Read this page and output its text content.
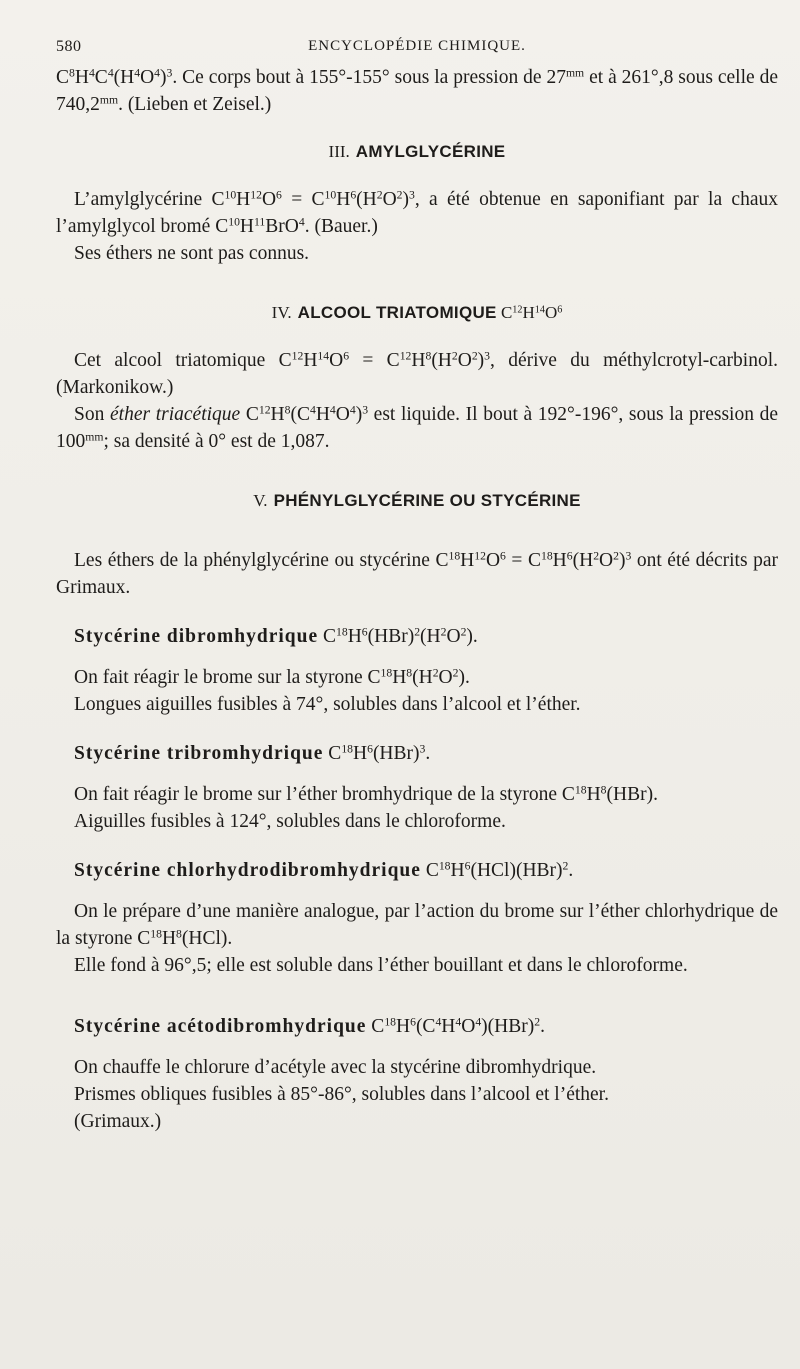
580	ENCYCLOPÉDIE CHIMIQUE.

$C^8H^4C^4(H^4O^4)^3$. Ce corps bout à 155°-155° sous la pression de $27^{mm}$ et à 261°,8 sous celle de $740,2^{mm}$. (Lieben et Zeisel.)

III. AMYLGLYCÉRINE

L’amylglycérine $C^{10}H^{12}O^6 = C^{10}H^6(H^2O^2)^3$, a été obtenue en saponifiant par la chaux l’amylglycol bromé $C^{10}H^{11}BrO^4$. (Bauer.)

Ses éthers ne sont pas connus.

IV. ALCOOL TRIATOMIQUE $C^{12}H^{14}O^6$

Cet alcool triatomique $C^{12}H^{14}O^6 = C^{12}H^8(H^2O^2)^3$, dérive du méthylcrotyl-carbinol. (Markonikow.)

Son éther triacétique $C^{12}H^8(C^4H^4O^4)^3$ est liquide. Il bout à 192°-196°, sous la pression de $100^{mm}$; sa densité à 0° est de 1,087.

V. PHÉNYLGLYCÉRINE OU STYCÉRINE

Les éthers de la phénylglycérine ou stycérine $C^{18}H^{12}O^6 = C^{18}H^6(H^2O^2)^3$ ont été décrits par Grimaux.

Stycérine dibromhydrique $C^{18}H^6(HBr)^2(H^2O^2)$.

On fait réagir le brome sur la styrone $C^{18}H^8(H^2O^2)$.

Longues aiguilles fusibles à 74°, solubles dans l’alcool et l’éther.

Stycérine tribromhydrique $C^{18}H^6(HBr)^3$.

On fait réagir le brome sur l’éther bromhydrique de la styrone $C^{18}H^8(HBr)$.

Aiguilles fusibles à 124°, solubles dans le chloroforme.

Stycérine chlorhydrodibromhydrique $C^{18}H^6(HCl)(HBr)^2$.

On le prépare d’une manière analogue, par l’action du brome sur l’éther chlorhydrique de la styrone $C^{18}H^8(HCl)$.

Elle fond à 96°,5; elle est soluble dans l’éther bouillant et dans le chloroforme.

Stycérine acétodibromhydrique $C^{18}H^6(C^4H^4O^4)(HBr)^2$.

On chauffe le chlorure d’acétyle avec la stycérine dibromhydrique.

Prismes obliques fusibles à 85°-86°, solubles dans l’alcool et l’éther.

(Grimaux.)
